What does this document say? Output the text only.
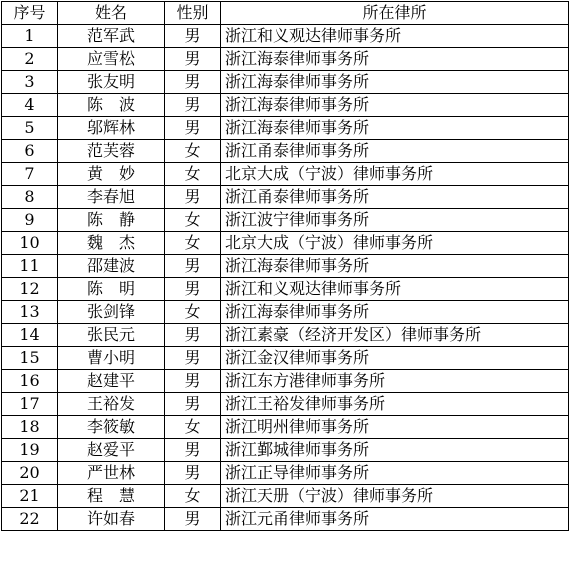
序号	姓名	性别	所在律所
1	范军武	男	浙江和义观达律师事务所
2	应雪松	男	浙江海泰律师事务所
3	张友明	男	浙江海泰律师事务所
4	陈　波	男	浙江海泰律师事务所
5	邬辉林	男	浙江海泰律师事务所
6	范芙蓉	女	浙江甬泰律师事务所
7	黄　妙	女	北京大成（宁波）律师事务所
8	李春旭	男	浙江甬泰律师事务所
9	陈　静	女	浙江波宁律师事务所
10	魏　杰	女	北京大成（宁波）律师事务所
11	邵建波	男	浙江海泰律师事务所
12	陈　明	男	浙江和义观达律师事务所
13	张剑锋	女	浙江海泰律师事务所
14	张民元	男	浙江素豪（经济开发区）律师事务所
15	曹小明	男	浙江金汉律师事务所
16	赵建平	男	浙江东方港律师事务所
17	王裕发	男	浙江王裕发律师事务所
18	李筱敏	女	浙江明州律师事务所
19	赵爱平	男	浙江鄞城律师事务所
20	严世林	男	浙江正导律师事务所
21	程　慧	女	浙江天册（宁波）律师事务所
22	许如春	男	浙江元甬律师事务所
